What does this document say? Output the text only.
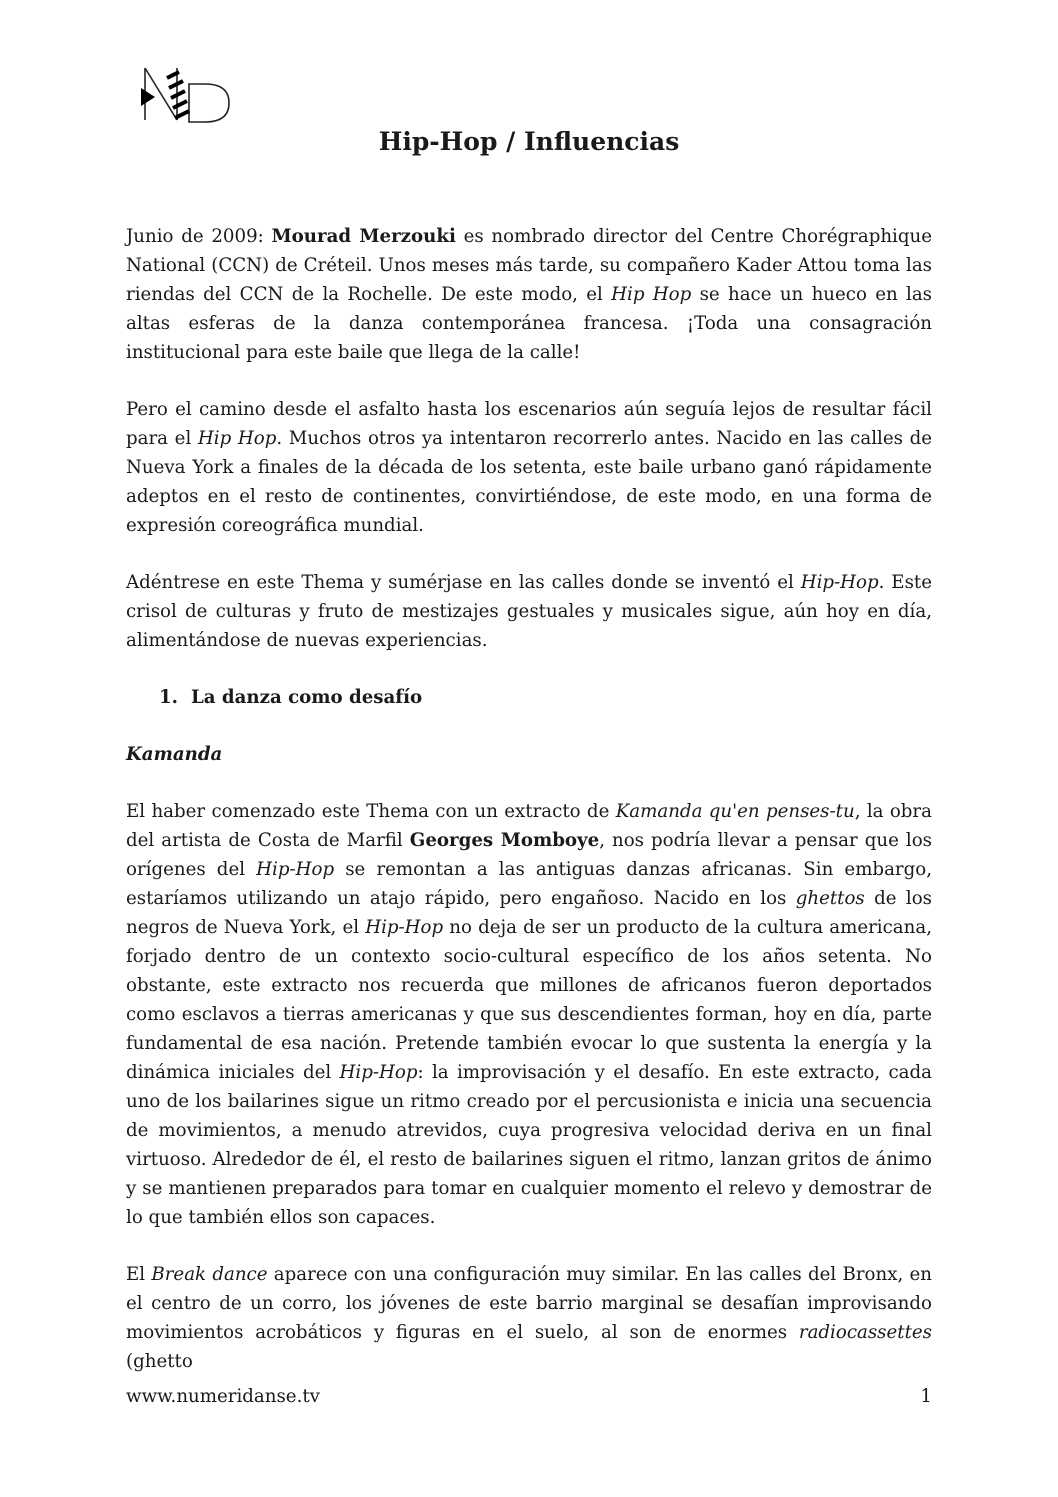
Hip-Hop / Influencias

Junio de 2009: Mourad Merzouki es nombrado director del Centre Chorégraphique National (CCN) de Créteil. Unos meses más tarde, su compañero Kader Attou toma las riendas del CCN de la Rochelle. De este modo, el Hip Hop se hace un hueco en las altas esferas de la danza contemporánea francesa. ¡Toda una consagración institucional para este baile que llega de la calle!

Pero el camino desde el asfalto hasta los escenarios aún seguía lejos de resultar fácil para el Hip Hop. Muchos otros ya intentaron recorrerlo antes. Nacido en las calles de Nueva York a finales de la década de los setenta, este baile urbano ganó rápidamente adeptos en el resto de continentes, convirtiéndose, de este modo, en una forma de expresión coreográfica mundial.

Adéntrese en este Thema y sumérjase en las calles donde se inventó el Hip-Hop. Este crisol de culturas y fruto de mestizajes gestuales y musicales sigue, aún hoy en día, alimentándose de nuevas experiencias.

1. La danza como desafío
Kamanda

El haber comenzado este Thema con un extracto de Kamanda qu'en penses-tu, la obra del artista de Costa de Marfil Georges Momboye, nos podría llevar a pensar que los orígenes del Hip-Hop se remontan a las antiguas danzas africanas. Sin embargo, estaríamos utilizando un atajo rápido, pero engañoso. Nacido en los ghettos de los negros de Nueva York, el Hip-Hop no deja de ser un producto de la cultura americana, forjado dentro de un contexto socio-cultural específico de los años setenta. No obstante, este extracto nos recuerda que millones de africanos fueron deportados como esclavos a tierras americanas y que sus descendientes forman, hoy en día, parte fundamental de esa nación. Pretende también evocar lo que sustenta la energía y la dinámica iniciales del Hip-Hop: la improvisación y el desafío. En este extracto, cada uno de los bailarines sigue un ritmo creado por el percusionista e inicia una secuencia de movimientos, a menudo atrevidos, cuya progresiva velocidad deriva en un final virtuoso. Alrededor de él, el resto de bailarines siguen el ritmo, lanzan gritos de ánimo y se mantienen preparados para tomar en cualquier momento el relevo y demostrar de lo que también ellos son capaces.

El Break dance aparece con una configuración muy similar. En las calles del Bronx, en el centro de un corro, los jóvenes de este barrio marginal se desafían improvisando movimientos acrobáticos y figuras en el suelo, al son de enormes radiocassettes (ghetto

www.numeridanse.tv	1
